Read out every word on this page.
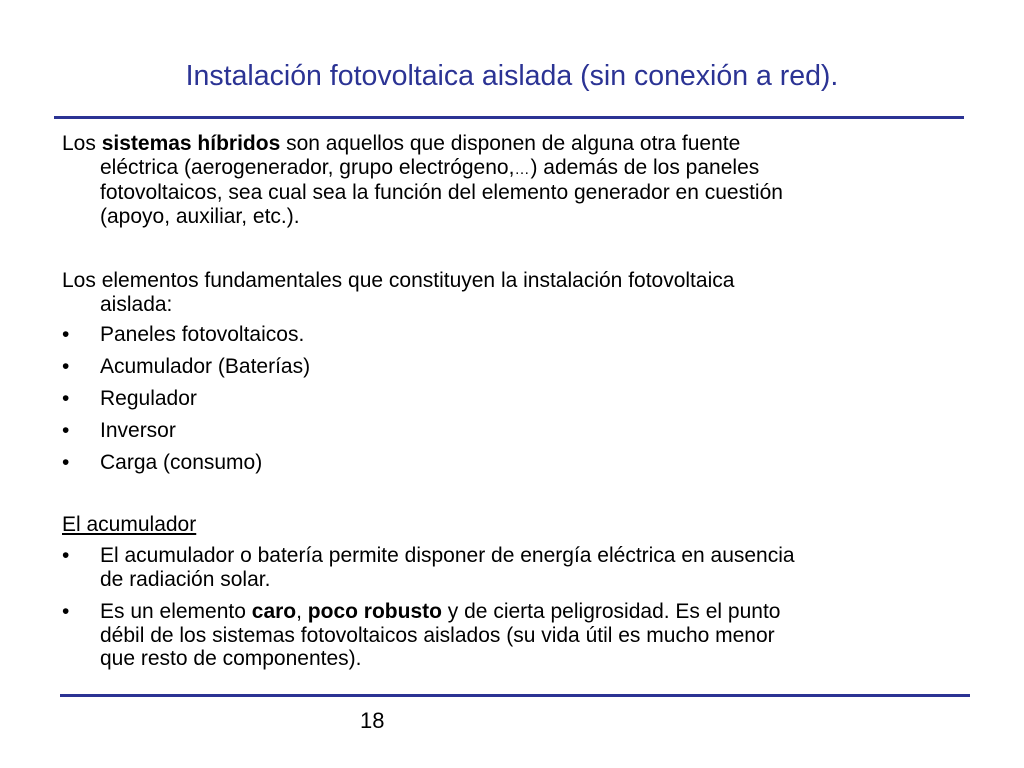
Instalación fotovoltaica aislada (sin conexión a red).
Los sistemas híbridos son aquellos que disponen de alguna otra fuente
eléctrica (aerogenerador, grupo electrógeno,…) además de los paneles
fotovoltaicos, sea cual sea la función del elemento generador en cuestión
(apoyo, auxiliar, etc.).
Los elementos fundamentales que constituyen la instalación fotovoltaica
aislada:
• Paneles fotovoltaicos.
• Acumulador (Baterías)
• Regulador
• Inversor
• Carga (consumo)
El acumulador
• El acumulador o batería permite disponer de energía eléctrica en ausencia
de radiación solar.
• Es un elemento caro, poco robusto y de cierta peligrosidad. Es el punto
débil de los sistemas fotovoltaicos aislados (su vida útil es mucho menor
que resto de componentes).
18
